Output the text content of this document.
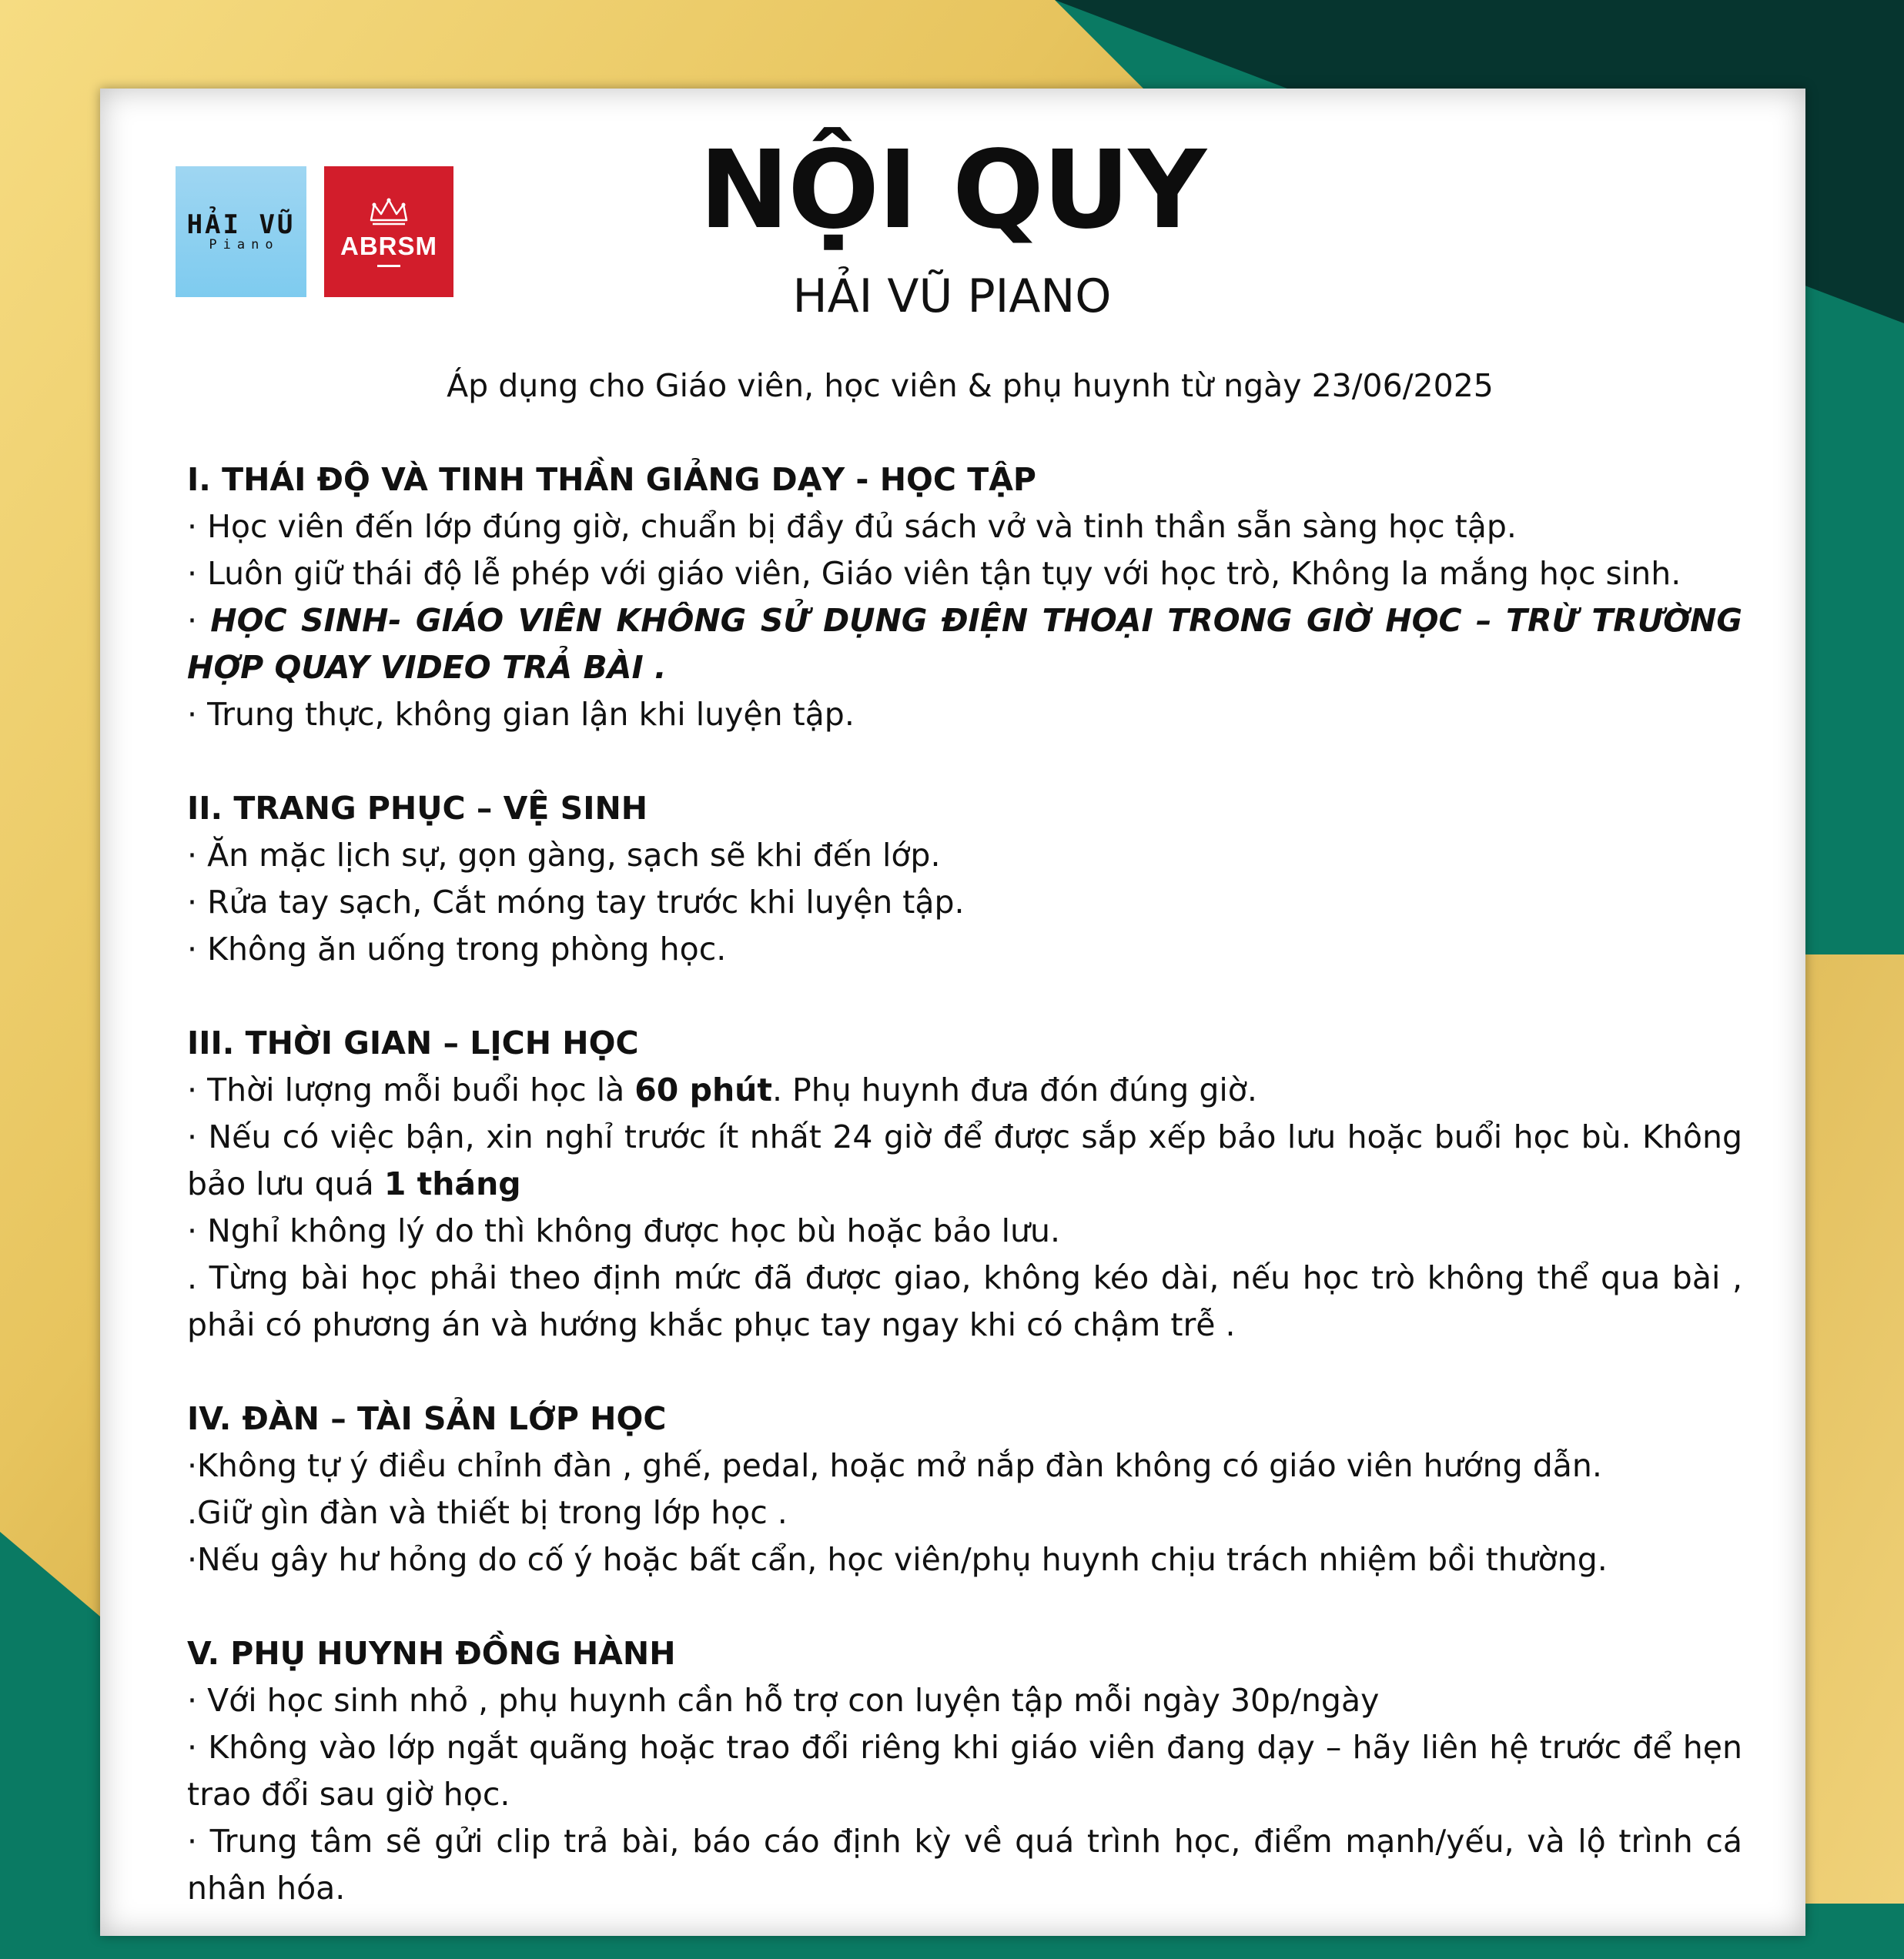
HẢI VŨ
Piano ABRSM	NỘI QUY
HẢI VŨ PIANO
Áp dụng cho Giáo viên, học viên & phụ huynh từ ngày 23/06/2025
I. THÁI ĐỘ VÀ TINH THẦN GIẢNG DẠY - HỌC TẬP
· Học viên đến lớp đúng giờ, chuẩn bị đầy đủ sách vở và tinh thần sẵn sàng học tập.
· Luôn giữ thái độ lễ phép với giáo viên, Giáo viên tận tụy với học trò, Không la mắng học sinh.
· HỌC SINH- GIÁO VIÊN KHÔNG SỬ DỤNG ĐIỆN THOẠI TRONG GIỜ HỌC – TRỪ TRƯỜNG HỢP QUAY VIDEO TRẢ BÀI .
· Trung thực, không gian lận khi luyện tập.
II. TRANG PHỤC – VỆ SINH
· Ăn mặc lịch sự, gọn gàng, sạch sẽ khi đến lớp.
· Rửa tay sạch, Cắt móng tay trước khi luyện tập.
· Không ăn uống trong phòng học.
III. THỜI GIAN – LỊCH HỌC
· Thời lượng mỗi buổi học là 60 phút. Phụ huynh đưa đón đúng giờ.
· Nếu có việc bận, xin nghỉ trước ít nhất 24 giờ để được sắp xếp bảo lưu hoặc buổi học bù. Không bảo lưu quá 1 tháng
· Nghỉ không lý do thì không được học bù hoặc bảo lưu.
. Từng bài học phải theo định mức đã được giao, không kéo dài, nếu học trò không thể qua bài , phải có phương án và hướng khắc phục tay ngay khi có chậm trễ .
IV. ĐÀN – TÀI SẢN LỚP HỌC
·Không tự ý điều chỉnh đàn , ghế, pedal, hoặc mở nắp đàn không có giáo viên hướng dẫn.
.Giữ gìn đàn và thiết bị trong lớp học .
·Nếu gây hư hỏng do cố ý hoặc bất cẩn, học viên/phụ huynh chịu trách nhiệm bồi thường.
V. PHỤ HUYNH ĐỒNG HÀNH
· Với học sinh nhỏ , phụ huynh cần hỗ trợ con luyện tập mỗi ngày 30p/ngày
· Không vào lớp ngắt quãng hoặc trao đổi riêng khi giáo viên đang dạy – hãy liên hệ trước để hẹn trao đổi sau giờ học.
· Trung tâm sẽ gửi clip trả bài, báo cáo định kỳ về quá trình học, điểm mạnh/yếu, và lộ trình cá nhân hóa.
